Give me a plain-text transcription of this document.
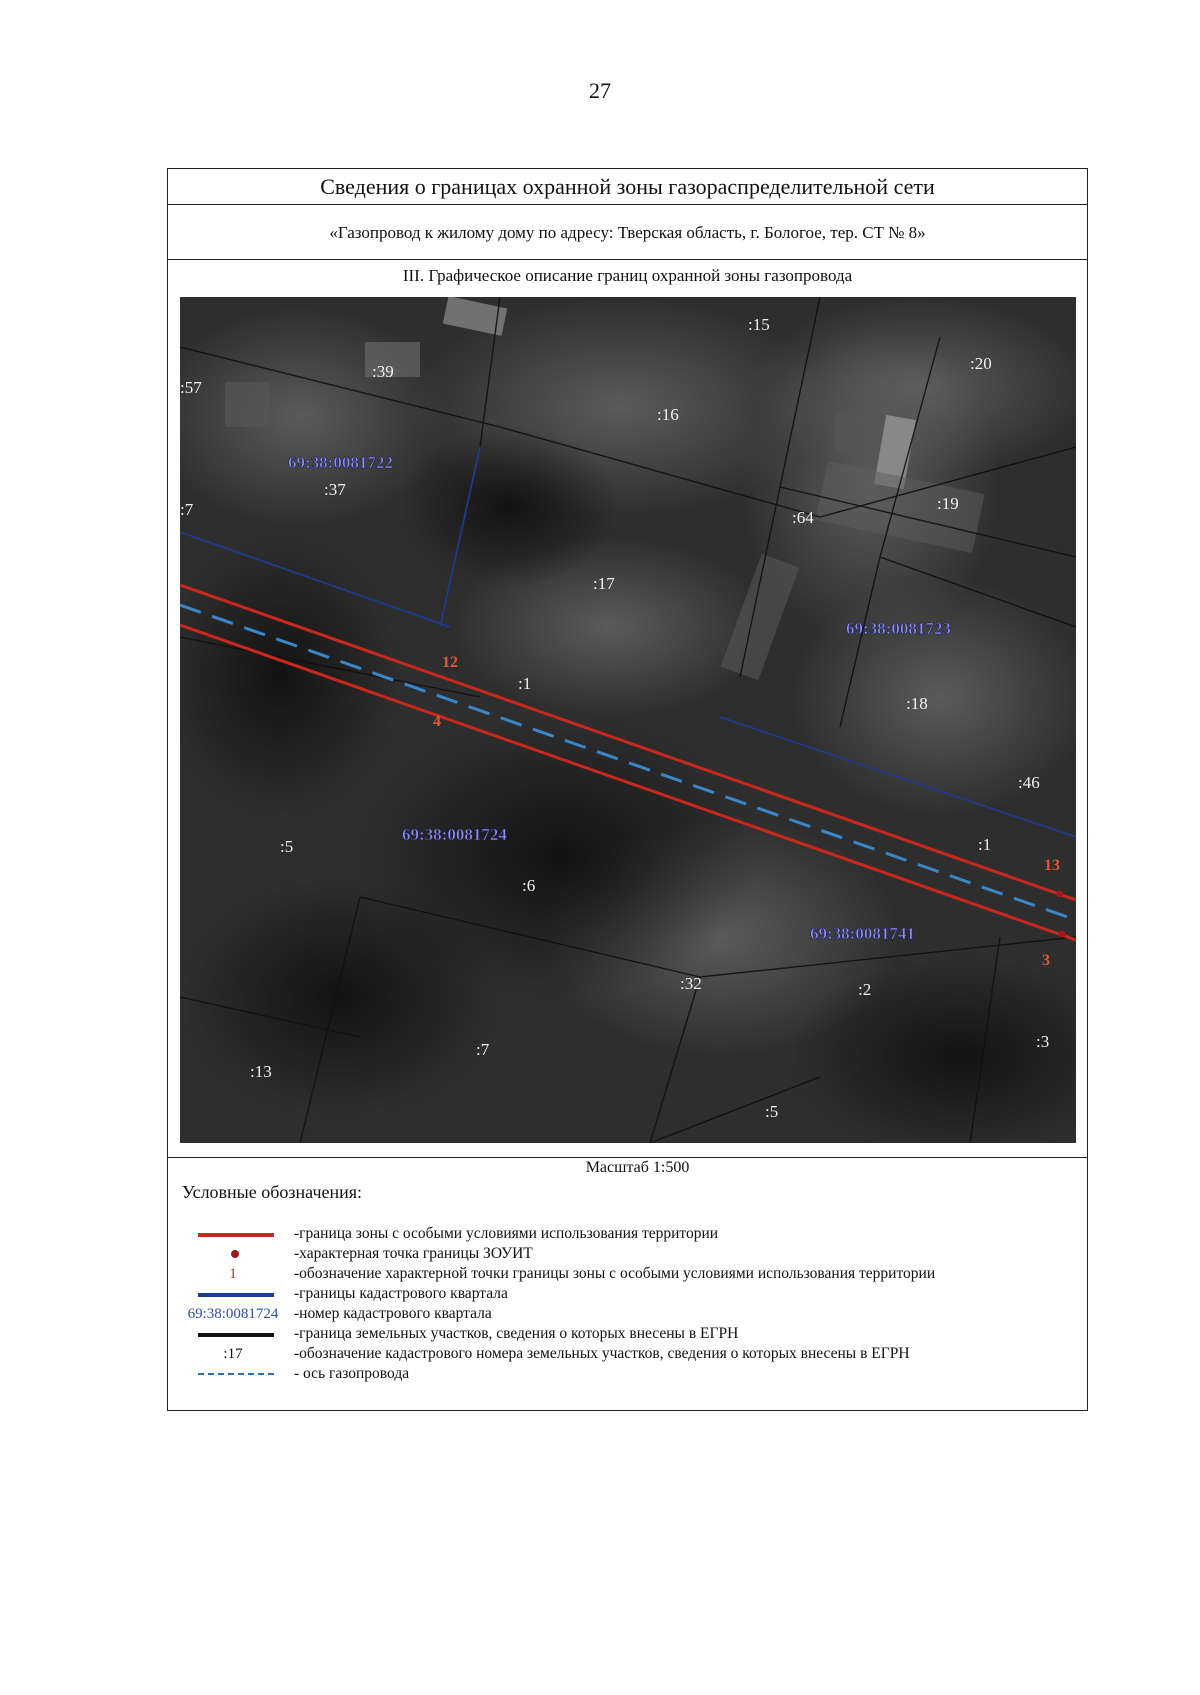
27
Сведения о границах охранной зоны газораспределительной сети
«Газопровод к жилому дому по адресу: Тверская область, г. Бологое, тер. СТ № 8»
III. Графическое описание границ охранной зоны газопровода
12
4
13
3
69:38:0081722
69:38:0081723
69:38:0081724
69:38:0081741
:15
:20
:39
:57
:16
:37
:64
:19
:17
:7
:1
:18
:46
:5
:6
:1
:32	:2
:3
:7
:13
:5
Масштаб 1:500
Условные обозначения:
-граница зоны с особыми условиями использования территории
-характерная точка границы ЗОУИТ
1	-обозначение характерной точки границы зоны с особыми условиями использования территории
-границы кадастрового квартала
69:38:0081724	-номер кадастрового квартала
-граница земельных участков, сведения о которых внесены в ЕГРН
:17	-обозначение кадастрового номера земельных участков, сведения о которых внесены в ЕГРН
- ось газопровода
